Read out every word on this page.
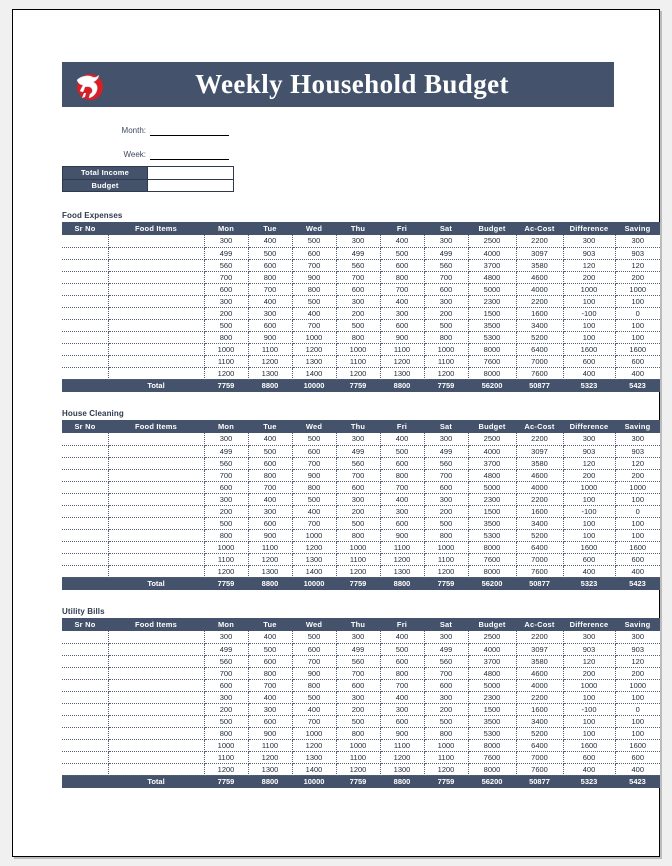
Weekly Household Budget
Month:
Week:
Total Income
Budget
Food Expenses
Sr No	Food Items	Mon	Tue	Wed	Thu	Fri	Sat	Budget	Ac-Cost	Difference	Saving
		300	400	500	300	400	300	2500	2200	300	300
		499	500	600	499	500	499	4000	3097	903	903
		560	600	700	560	600	560	3700	3580	120	120
		700	800	900	700	800	700	4800	4600	200	200
		600	700	800	600	700	600	5000	4000	1000	1000
		300	400	500	300	400	300	2300	2200	100	100
		200	300	400	200	300	200	1500	1600	-100	0
		500	600	700	500	600	500	3500	3400	100	100
		800	900	1000	800	900	800	5300	5200	100	100
		1000	1100	1200	1000	1100	1000	8000	6400	1600	1600
		1100	1200	1300	1100	1200	1100	7600	7000	600	600
		1200	1300	1400	1200	1300	1200	8000	7600	400	400
	Total	7759	8800	10000	7759	8800	7759	56200	50877	5323	5423
House Cleaning
Sr No	Food Items	Mon	Tue	Wed	Thu	Fri	Sat	Budget	Ac-Cost	Difference	Saving
		300	400	500	300	400	300	2500	2200	300	300
		499	500	600	499	500	499	4000	3097	903	903
		560	600	700	560	600	560	3700	3580	120	120
		700	800	900	700	800	700	4800	4600	200	200
		600	700	800	600	700	600	5000	4000	1000	1000
		300	400	500	300	400	300	2300	2200	100	100
		200	300	400	200	300	200	1500	1600	-100	0
		500	600	700	500	600	500	3500	3400	100	100
		800	900	1000	800	900	800	5300	5200	100	100
		1000	1100	1200	1000	1100	1000	8000	6400	1600	1600
		1100	1200	1300	1100	1200	1100	7600	7000	600	600
		1200	1300	1400	1200	1300	1200	8000	7600	400	400
	Total	7759	8800	10000	7759	8800	7759	56200	50877	5323	5423
Utility Bills
Sr No	Food Items	Mon	Tue	Wed	Thu	Fri	Sat	Budget	Ac-Cost	Difference	Saving
		300	400	500	300	400	300	2500	2200	300	300
		499	500	600	499	500	499	4000	3097	903	903
		560	600	700	560	600	560	3700	3580	120	120
		700	800	900	700	800	700	4800	4600	200	200
		600	700	800	600	700	600	5000	4000	1000	1000
		300	400	500	300	400	300	2300	2200	100	100
		200	300	400	200	300	200	1500	1600	-100	0
		500	600	700	500	600	500	3500	3400	100	100
		800	900	1000	800	900	800	5300	5200	100	100
		1000	1100	1200	1000	1100	1000	8000	6400	1600	1600
		1100	1200	1300	1100	1200	1100	7600	7000	600	600
		1200	1300	1400	1200	1300	1200	8000	7600	400	400
	Total	7759	8800	10000	7759	8800	7759	56200	50877	5323	5423
